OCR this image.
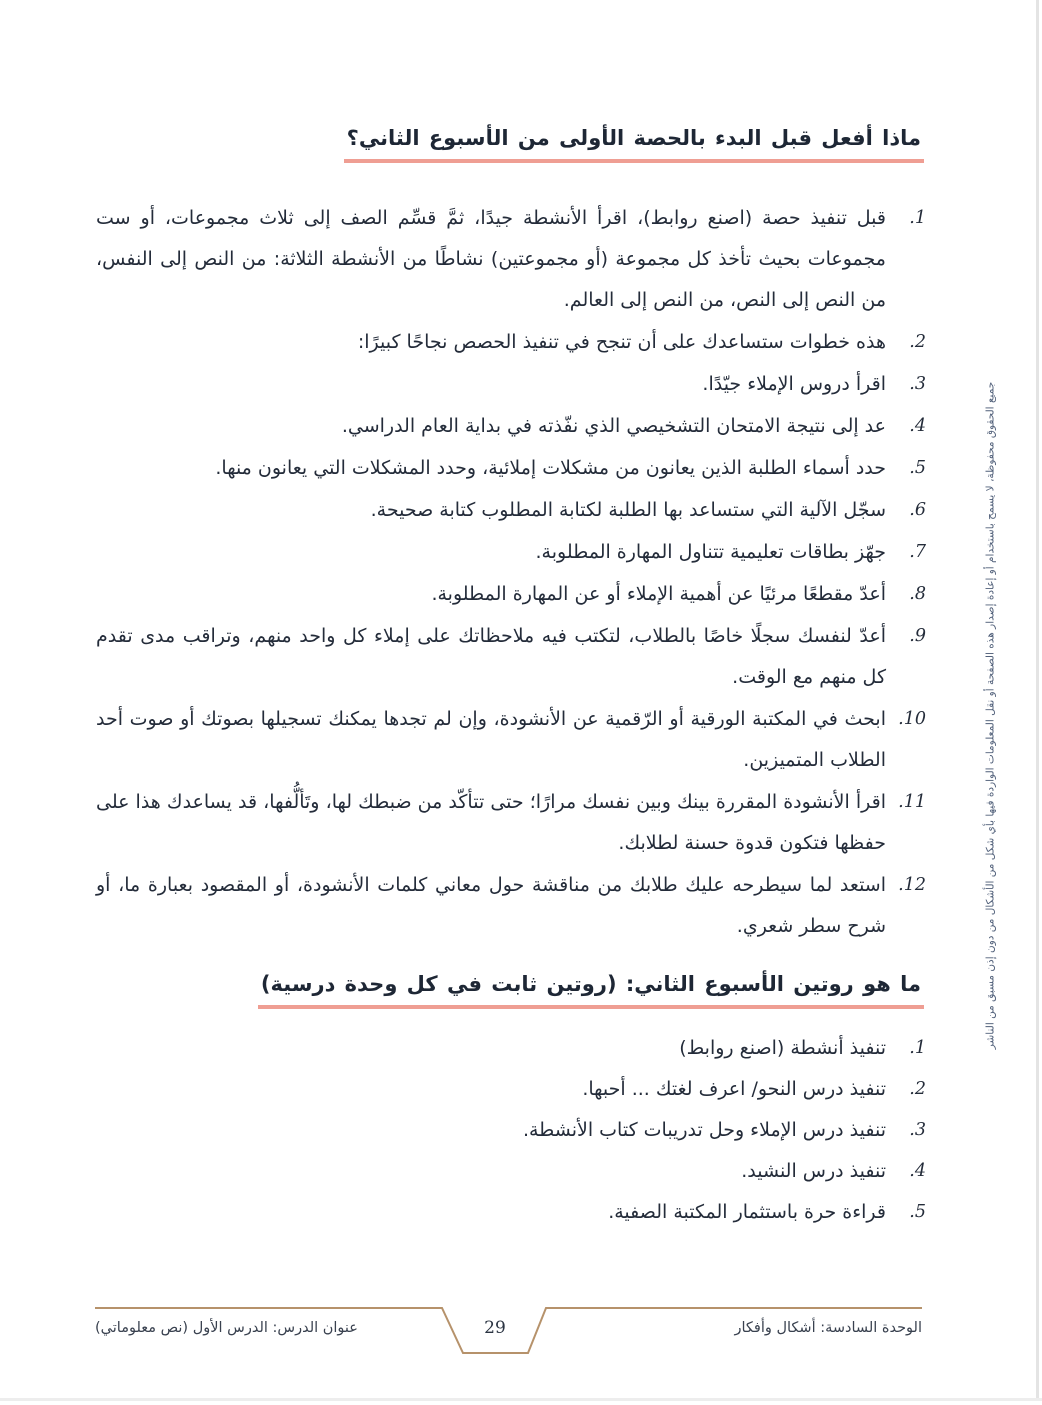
ماذا أفعل قبل البدء بالحصة الأولى من الأسبوع الثاني؟
1.
قبل تنفيذ حصة (اصنع روابط)، اقرأ الأنشطة جيدًا، ثمَّ قسِّم الصف إلى ثلاث مجموعات، أو ست مجموعات بحيث تأخذ كل مجموعة (أو مجموعتين) نشاطًا من الأنشطة الثلاثة: من النص إلى النفس، من النص إلى النص، من النص إلى العالم.
2.
هذه خطوات ستساعدك على أن تنجح في تنفيذ الحصص نجاحًا كبيرًا:
3.
اقرأ دروس الإملاء جيّدًا.
4.
عد إلى نتيجة الامتحان التشخيصي الذي نفّذته في بداية العام الدراسي.
5.
حدد أسماء الطلبة الذين يعانون من مشكلات إملائية، وحدد المشكلات التي يعانون منها.
6.
سجّل الآلية التي ستساعد بها الطلبة لكتابة المطلوب كتابة صحيحة.
7.
جهّز بطاقات تعليمية تتناول المهارة المطلوبة.
8.
أعدّ مقطعًا مرئيًا عن أهمية الإملاء أو عن المهارة المطلوبة.
9.
أعدّ لنفسك سجلًا خاصًا بالطلاب، لتكتب فيه ملاحظاتك على إملاء كل واحد منهم، وتراقب مدى تقدم كل منهم مع الوقت.
10.
ابحث في المكتبة الورقية أو الرّقمية عن الأنشودة، وإن لم تجدها يمكنك تسجيلها بصوتك أو صوت أحد الطلاب المتميزين.
11.
اقرأ الأنشودة المقررة بينك وبين نفسك مرارًا؛ حتى تتأكّد من ضبطك لها، وتَألُّفها، قد يساعدك هذا على حفظها فتكون قدوة حسنة لطلابك.
12.
استعد لما سيطرحه عليك طلابك من مناقشة حول معاني كلمات الأنشودة، أو المقصود بعبارة ما، أو شرح سطر شعري.
ما هو روتين الأسبوع الثاني: (روتين ثابت في كل وحدة درسية)
1.
تنفيذ أنشطة (اصنع روابط)
2.
تنفيذ درس النحو/ اعرف لغتك ... أحبها.
3.
تنفيذ درس الإملاء وحل تدريبات كتاب الأنشطة.
4.
تنفيذ درس النشيد.
5.
قراءة حرة باستثمار المكتبة الصفية.
جميع الحقوق محفوظة، لا يسمح باستخدام أو إعادة إصدار هذه الصفحة أو نقل المعلومات الواردة فيها بأي شكل من الأشكال من دون إذن مسبق من الناشر
29
عنوان الدرس: الدرس الأول (نص معلوماتي)	الوحدة السادسة: أشكال وأفكار
